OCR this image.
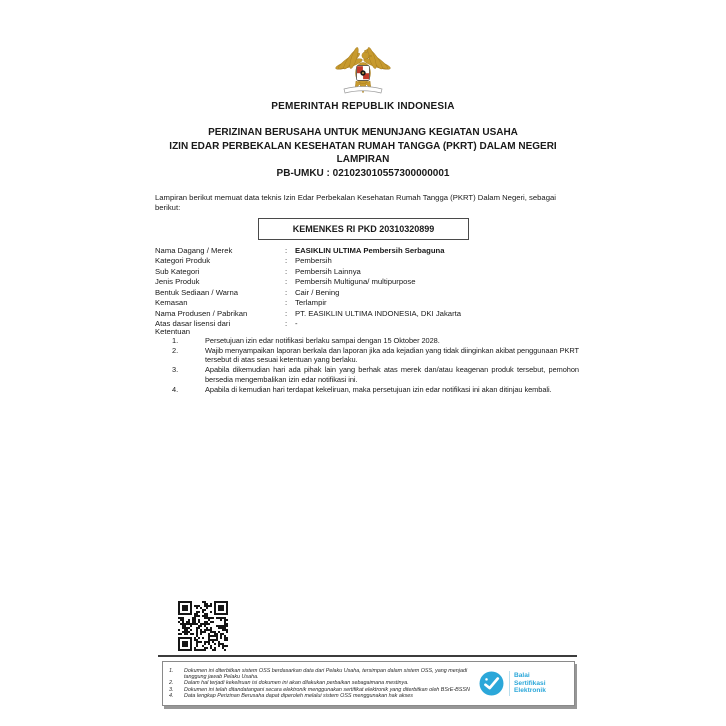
PEMERINTAH REPUBLIK INDONESIA
PERIZINAN BERUSAHA UNTUK MENUNJANG KEGIATAN USAHA
IZIN EDAR PERBEKALAN KESEHATAN RUMAH TANGGA (PKRT) DALAM NEGERI
LAMPIRAN
PB-UMKU : 021023010557300000001
Lampiran berikut memuat data teknis Izin Edar Perbekalan Kesehatan Rumah Tangga (PKRT) Dalam Negeri, sebagai berikut:
KEMENKES RI PKD 20310320899
Nama Dagang / Merek	:	EASIKLIN ULTIMA Pembersih Serbaguna
Kategori Produk	:	Pembersih
Sub Kategori	:	Pembersih Lainnya
Jenis Produk	:	Pembersih Multiguna/ multipurpose
Bentuk Sediaan / Warna	:	Cair / Bening
Kemasan	:	Terlampir
Nama Produsen / Pabrikan	:	PT. EASIKLIN ULTIMA INDONESIA, DKI Jakarta
Atas dasar lisensi dari	:	-
Ketentuan
1.	Persetujuan izin edar notifikasi berlaku sampai dengan 15 Oktober 2028.
2.	Wajib menyampaikan laporan berkala dan laporan jika ada kejadian yang tidak diinginkan akibat penggunaan PKRT tersebut di atas sesuai ketentuan yang berlaku.
3.	Apabila dikemudian hari ada pihak lain yang berhak atas merek dan/atau keagenan produk tersebut, pemohon bersedia mengembalikan izin edar notifikasi ini.
4.	Apabila di kemudian hari terdapat kekeliruan, maka persetujuan izin edar notifikasi ini akan ditinjau kembali.
1.	Dokumen ini diterbitkan sistem OSS berdasarkan data dari Pelaku Usaha, tersimpan dalam sistem OSS, yang menjadi tanggung jawab Pelaku Usaha.
2.	Dalam hal terjadi kekeliruan isi dokumen ini akan dilakukan perbaikan sebagaimana mestinya.
3.	Dokumen ini telah ditandatangani secara elektronik menggunakan sertifikat elektronik yang diterbitkan oleh BSrE-BSSN
4.	Data lengkap Perizinan Berusaha dapat diperoleh melalui sistem OSS menggunakan hak akses
Balai
Sertifikasi
Elektronik
